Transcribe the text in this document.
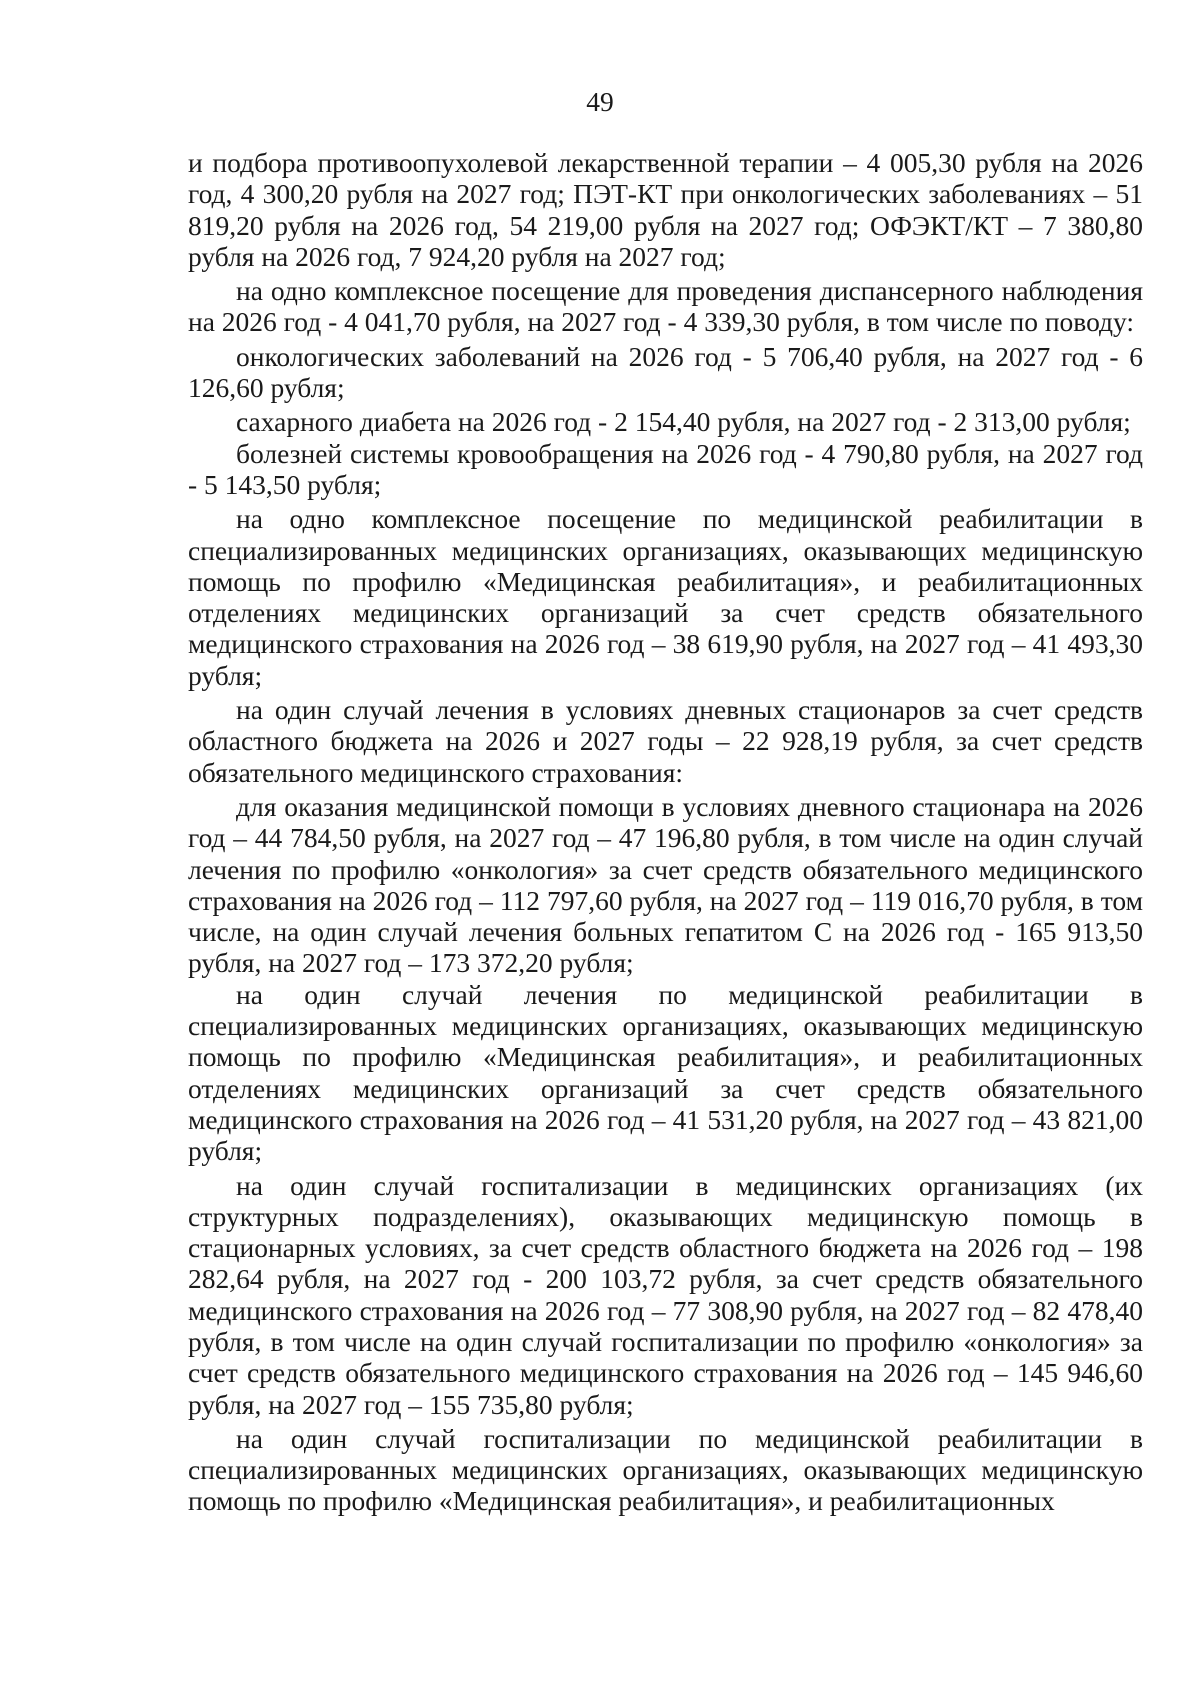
49

и подбора противоопухолевой лекарственной терапии – 4 005,30 рубля на 2026 год, 4 300,20 рубля на 2027 год; ПЭТ-КТ при онкологических заболеваниях – 51 819,20 рубля на 2026 год, 54 219,00 рубля на 2027 год; ОФЭКТ/КТ – 7 380,80 рубля на 2026 год, 7 924,20 рубля на 2027 год;

на одно комплексное посещение для проведения диспансерного наблюдения на 2026 год - 4 041,70 рубля, на 2027 год - 4 339,30 рубля, в том числе по поводу:

онкологических заболеваний на 2026 год - 5 706,40 рубля, на 2027 год - 6 126,60 рубля;

сахарного диабета на 2026 год - 2 154,40 рубля, на 2027 год - 2 313,00 рубля;

болезней системы кровообращения на 2026 год - 4 790,80 рубля, на 2027 год - 5 143,50 рубля;

на одно комплексное посещение по медицинской реабилитации в специализированных медицинских организациях, оказывающих медицинскую помощь по профилю «Медицинская реабилитация», и реабилитационных отделениях медицинских организаций за счет средств обязательного медицинского страхования на 2026 год – 38 619,90 рубля, на 2027 год – 41 493,30 рубля;

на один случай лечения в условиях дневных стационаров за счет средств областного бюджета на 2026 и 2027 годы – 22 928,19 рубля, за счет средств обязательного медицинского страхования:

для оказания медицинской помощи в условиях дневного стационара на 2026 год – 44 784,50 рубля, на 2027 год – 47 196,80 рубля, в том числе на один случай лечения по профилю «онкология» за счет средств обязательного медицинского страхования на 2026 год – 112 797,60 рубля, на 2027 год – 119 016,70 рубля, в том числе, на один случай лечения больных гепатитом С на 2026 год - 165 913,50 рубля, на 2027 год – 173 372,20 рубля;

на один случай лечения по медицинской реабилитации в специализированных медицинских организациях, оказывающих медицинскую помощь по профилю «Медицинская реабилитация», и реабилитационных отделениях медицинских организаций за счет средств обязательного медицинского страхования на 2026 год – 41 531,20 рубля, на 2027 год – 43 821,00 рубля;

на один случай госпитализации в медицинских организациях (их структурных подразделениях), оказывающих медицинскую помощь в стационарных условиях, за счет средств областного бюджета на 2026 год – 198 282,64 рубля, на 2027 год - 200 103,72 рубля, за счет средств обязательного медицинского страхования на 2026 год – 77 308,90 рубля, на 2027 год – 82 478,40 рубля, в том числе на один случай госпитализации по профилю «онкология» за счет средств обязательного медицинского страхования на 2026 год – 145 946,60 рубля, на 2027 год – 155 735,80 рубля;

на один случай госпитализации по медицинской реабилитации в специализированных медицинских организациях, оказывающих медицинскую помощь по профилю «Медицинская реабилитация», и реабилитационных
